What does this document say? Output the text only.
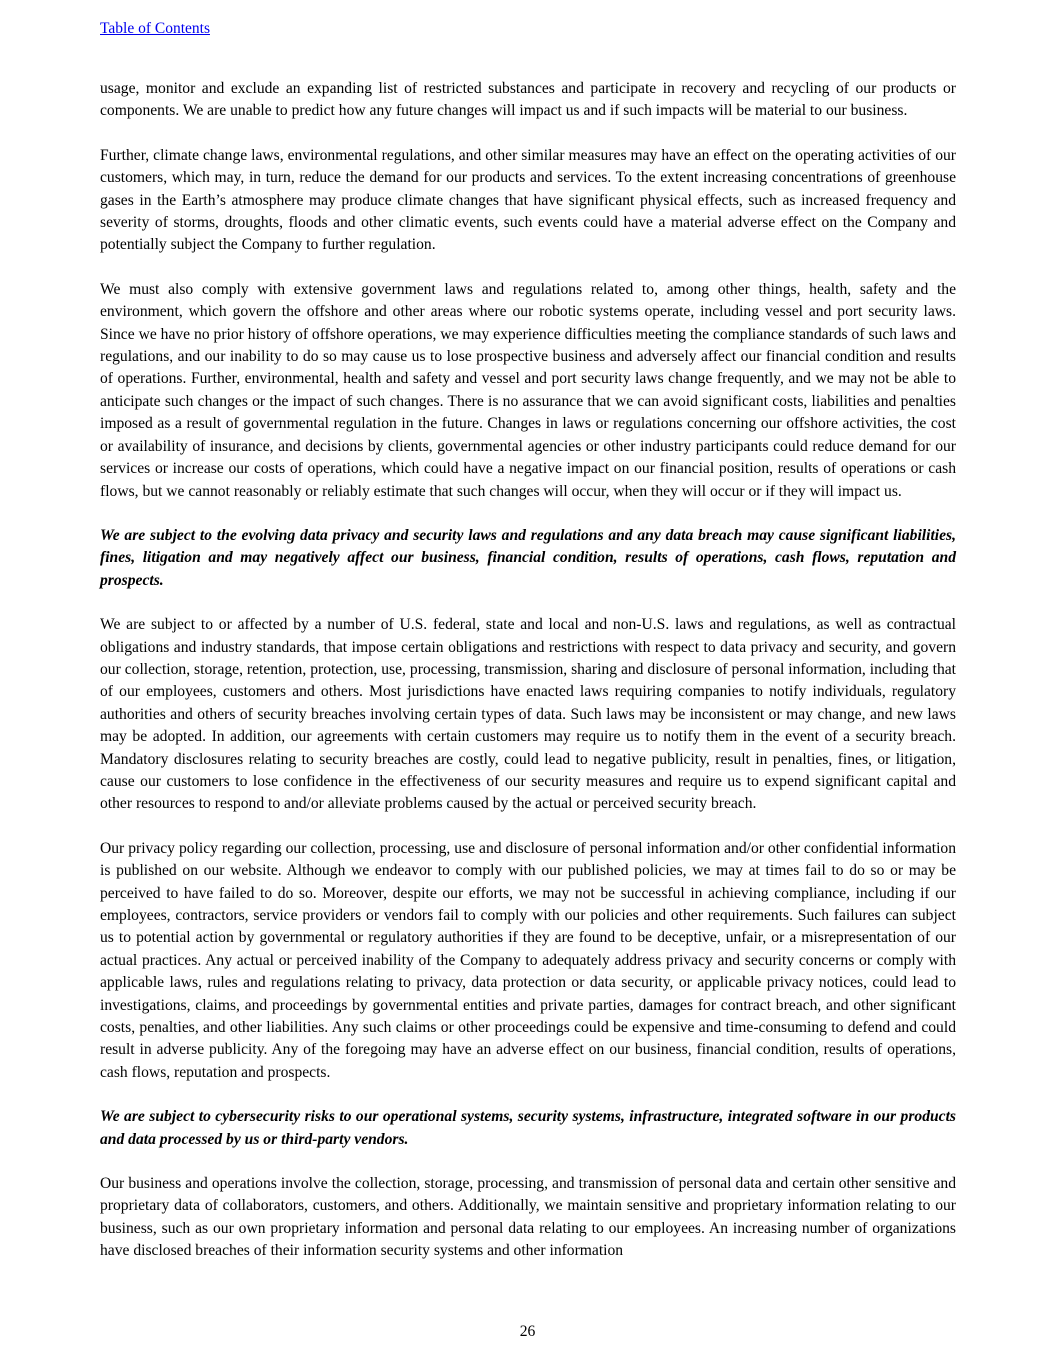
Table of Contents

usage, monitor and exclude an expanding list of restricted substances and participate in recovery and recycling of our products or components. We are unable to predict how any future changes will impact us and if such impacts will be material to our business.

Further, climate change laws, environmental regulations, and other similar measures may have an effect on the operating activities of our customers, which may, in turn, reduce the demand for our products and services. To the extent increasing concentrations of greenhouse gases in the Earth’s atmosphere may produce climate changes that have significant physical effects, such as increased frequency and severity of storms, droughts, floods and other climatic events, such events could have a material adverse effect on the Company and potentially subject the Company to further regulation.

We must also comply with extensive government laws and regulations related to, among other things, health, safety and the environment, which govern the offshore and other areas where our robotic systems operate, including vessel and port security laws. Since we have no prior history of offshore operations, we may experience difficulties meeting the compliance standards of such laws and regulations, and our inability to do so may cause us to lose prospective business and adversely affect our financial condition and results of operations. Further, environmental, health and safety and vessel and port security laws change frequently, and we may not be able to anticipate such changes or the impact of such changes. There is no assurance that we can avoid significant costs, liabilities and penalties imposed as a result of governmental regulation in the future. Changes in laws or regulations concerning our offshore activities, the cost or availability of insurance, and decisions by clients, governmental agencies or other industry participants could reduce demand for our services or increase our costs of operations, which could have a negative impact on our financial position, results of operations or cash flows, but we cannot reasonably or reliably estimate that such changes will occur, when they will occur or if they will impact us.

We are subject to the evolving data privacy and security laws and regulations and any data breach may cause significant liabilities, fines, litigation and may negatively affect our business, financial condition, results of operations, cash flows, reputation and prospects.

We are subject to or affected by a number of U.S. federal, state and local and non-U.S. laws and regulations, as well as contractual obligations and industry standards, that impose certain obligations and restrictions with respect to data privacy and security, and govern our collection, storage, retention, protection, use, processing, transmission, sharing and disclosure of personal information, including that of our employees, customers and others. Most jurisdictions have enacted laws requiring companies to notify individuals, regulatory authorities and others of security breaches involving certain types of data. Such laws may be inconsistent or may change, and new laws may be adopted. In addition, our agreements with certain customers may require us to notify them in the event of a security breach. Mandatory disclosures relating to security breaches are costly, could lead to negative publicity, result in penalties, fines, or litigation, cause our customers to lose confidence in the effectiveness of our security measures and require us to expend significant capital and other resources to respond to and/or alleviate problems caused by the actual or perceived security breach.

Our privacy policy regarding our collection, processing, use and disclosure of personal information and/or other confidential information is published on our website. Although we endeavor to comply with our published policies, we may at times fail to do so or may be perceived to have failed to do so. Moreover, despite our efforts, we may not be successful in achieving compliance, including if our employees, contractors, service providers or vendors fail to comply with our policies and other requirements. Such failures can subject us to potential action by governmental or regulatory authorities if they are found to be deceptive, unfair, or a misrepresentation of our actual practices. Any actual or perceived inability of the Company to adequately address privacy and security concerns or comply with applicable laws, rules and regulations relating to privacy, data protection or data security, or applicable privacy notices, could lead to investigations, claims, and proceedings by governmental entities and private parties, damages for contract breach, and other significant costs, penalties, and other liabilities. Any such claims or other proceedings could be expensive and time-consuming to defend and could result in adverse publicity. Any of the foregoing may have an adverse effect on our business, financial condition, results of operations, cash flows, reputation and prospects.

We are subject to cybersecurity risks to our operational systems, security systems, infrastructure, integrated software in our products and data processed by us or third-party vendors.

Our business and operations involve the collection, storage, processing, and transmission of personal data and certain other sensitive and proprietary data of collaborators, customers, and others. Additionally, we maintain sensitive and proprietary information relating to our business, such as our own proprietary information and personal data relating to our employees. An increasing number of organizations have disclosed breaches of their information security systems and other information

26
